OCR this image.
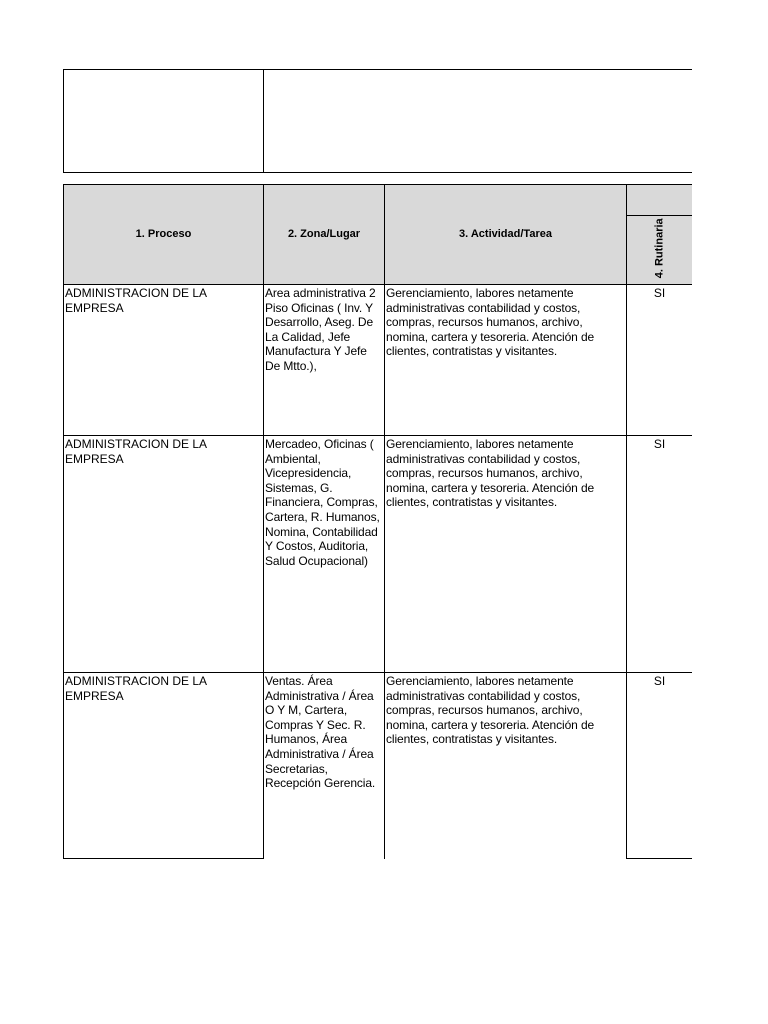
1. Proceso	2. Zona/Lugar	3. Actividad/Tarea	4. Rutinaria	

ADMINISTRACION DE LA EMPRESA	Area administrativa 2 Piso Oficinas ( Inv. Y Desarrollo, Aseg. De La Calidad, Jefe Manufactura Y Jefe De Mtto.),	Gerenciamiento, labores netamente administrativas contabilidad y costos, compras, recursos humanos, archivo, nomina, cartera y tesoreria. Atención de clientes, contratistas y visitantes.	SI	
ADMINISTRACION DE LA EMPRESA	Mercadeo, Oficinas ( Ambiental, Vicepresidencia, Sistemas, G. Financiera, Compras, Cartera, R. Humanos, Nomina, Contabilidad Y Costos, Auditoria, Salud Ocupacional)	Gerenciamiento, labores netamente administrativas contabilidad y costos, compras, recursos humanos, archivo, nomina, cartera y tesoreria. Atención de clientes, contratistas y visitantes.	SI	
ADMINISTRACION DE LA EMPRESA	Ventas. Área Administrativa / Área O Y M, Cartera, Compras Y Sec. R. Humanos, Área Administrativa / Área Secretarias, Recepción Gerencia.	Gerenciamiento, labores netamente administrativas contabilidad y costos, compras, recursos humanos, archivo, nomina, cartera y tesoreria. Atención de clientes, contratistas y visitantes.	SI	
